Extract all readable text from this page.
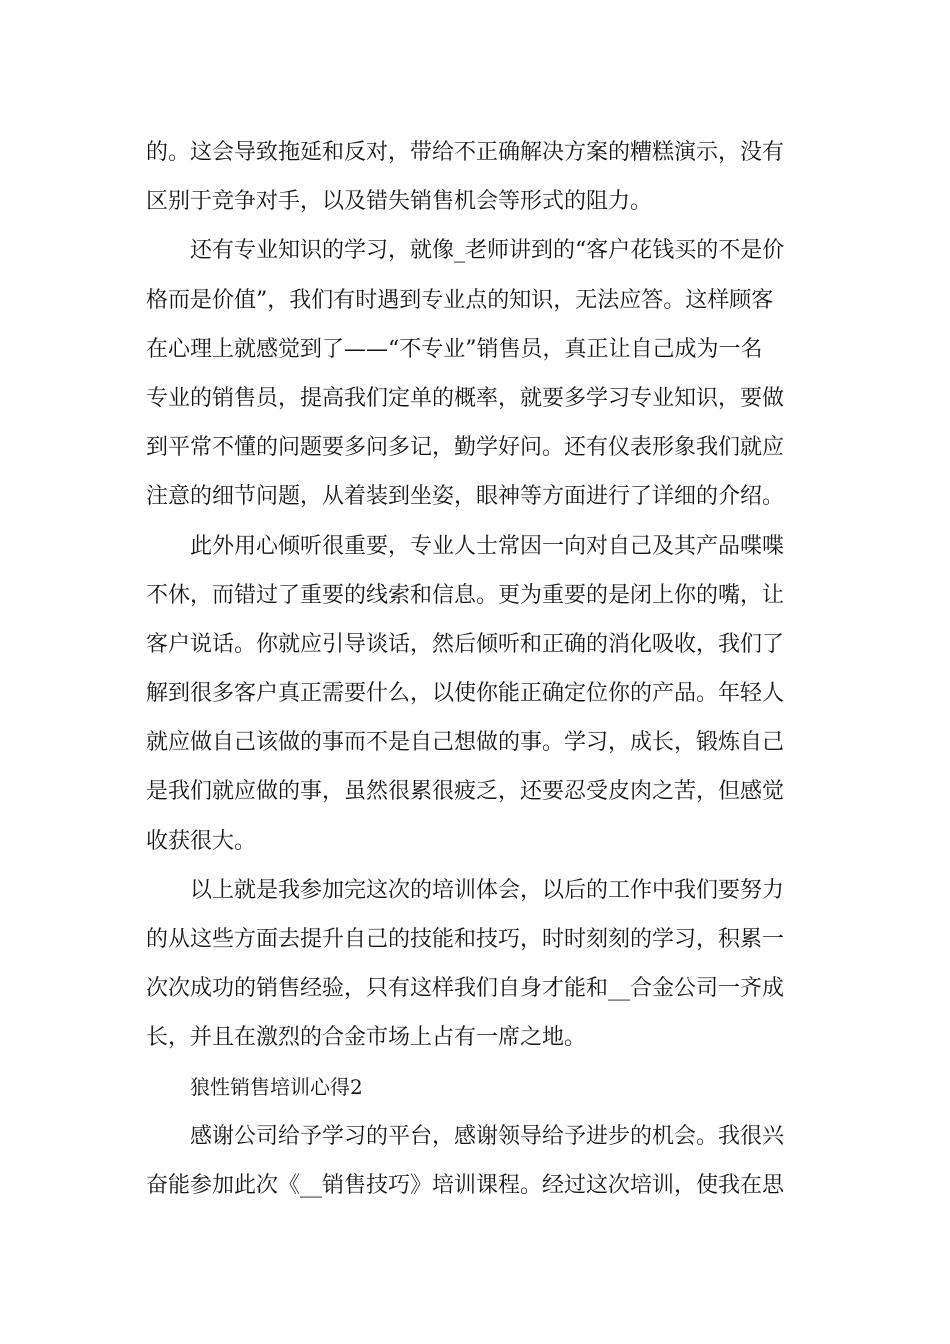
的。这会导致拖延和反对，带给不正确解决方案的糟糕演示，没有
区别于竞争对手，以及错失销售机会等形式的阻力。
还有专业知识的学习，就像_老师讲到的“客户花钱买的不是价
格而是价值”，我们有时遇到专业点的知识，无法应答。这样顾客
在心理上就感觉到了——“不专业”销售员，真正让自己成为一名
专业的销售员，提高我们定单的概率，就要多学习专业知识，要做
到平常不懂的问题要多问多记，勤学好问。还有仪表形象我们就应
注意的细节问题，从着装到坐姿，眼神等方面进行了详细的介绍。
此外用心倾听很重要，专业人士常因一向对自己及其产品喋喋
不休，而错过了重要的线索和信息。更为重要的是闭上你的嘴，让
客户说话。你就应引导谈话，然后倾听和正确的消化吸收，我们了
解到很多客户真正需要什么，以使你能正确定位你的产品。年轻人
就应做自己该做的事而不是自己想做的事。学习，成长，锻炼自己
是我们就应做的事，虽然很累很疲乏，还要忍受皮肉之苦，但感觉
收获很大。
以上就是我参加完这次的培训体会，以后的工作中我们要努力
的从这些方面去提升自己的技能和技巧，时时刻刻的学习，积累一
次次成功的销售经验，只有这样我们自身才能和__合金公司一齐成
长，并且在激烈的合金市场上占有一席之地。
狼性销售培训心得2
感谢公司给予学习的平台，感谢领导给予进步的机会。我很兴
奋能参加此次《__销售技巧》培训课程。经过这次培训，使我在思
